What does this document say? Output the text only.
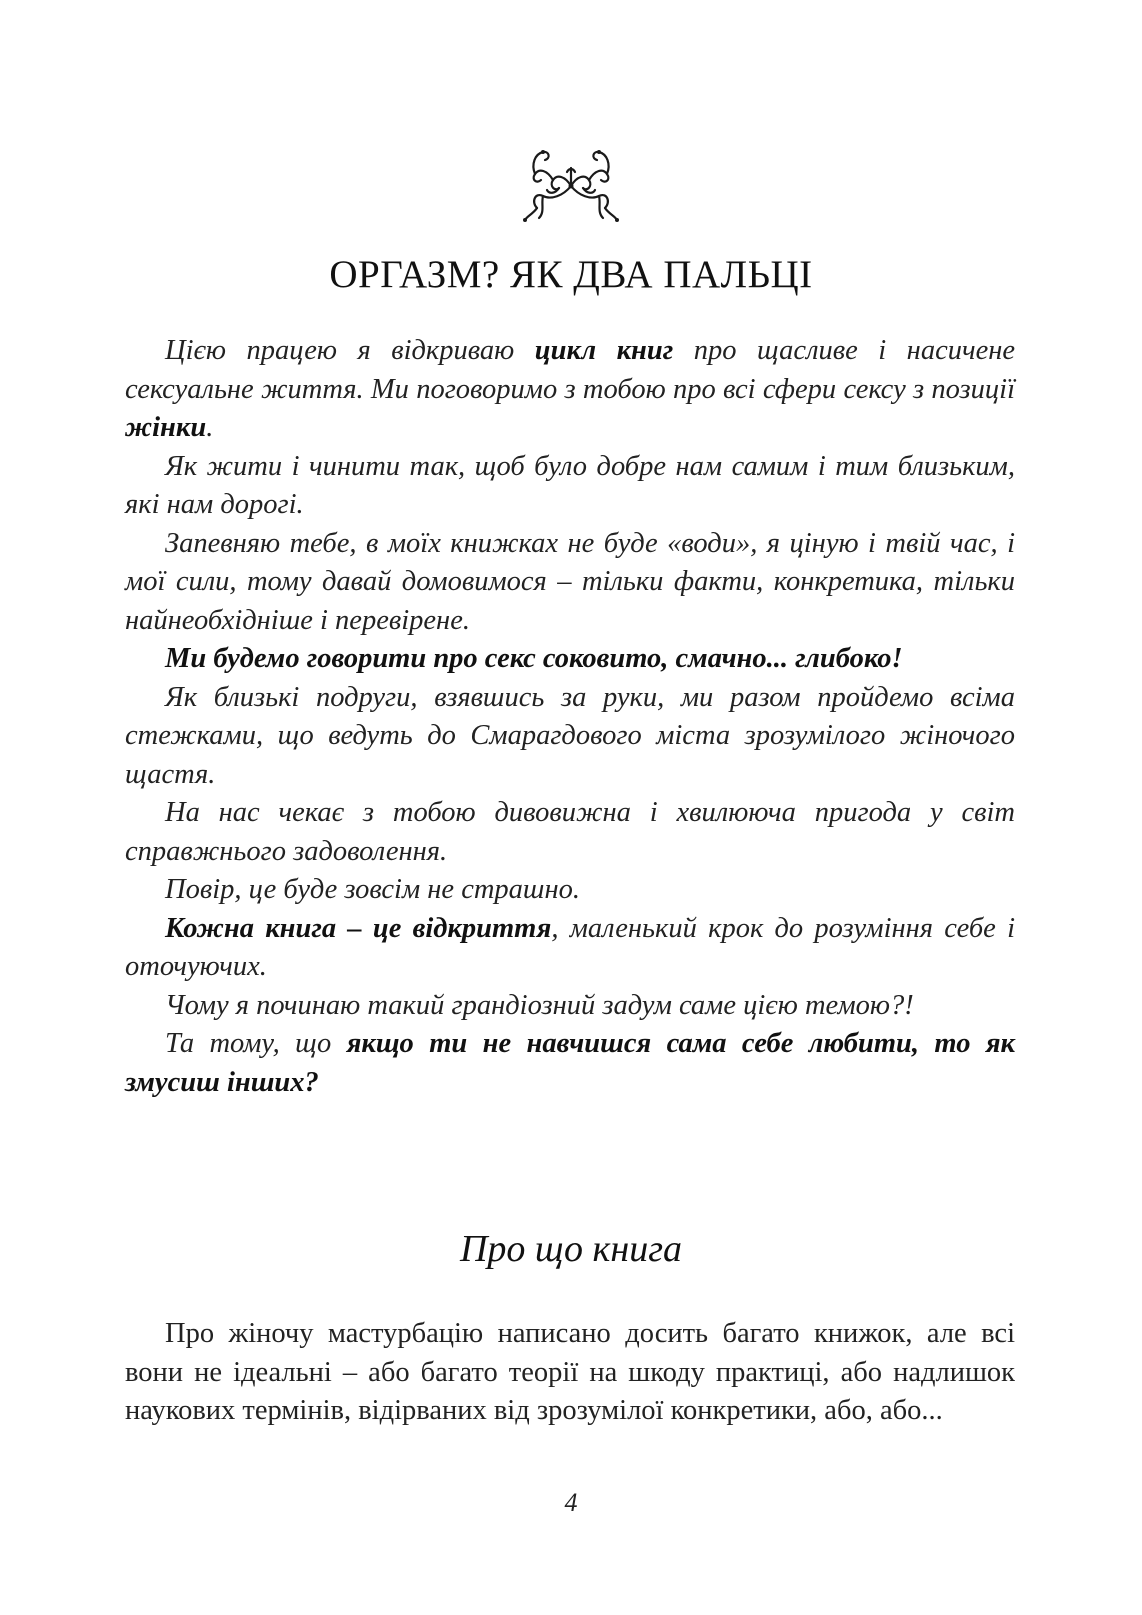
ОРГАЗМ? ЯК ДВА ПАЛЬЦІ

Цією працею я відкриваю цикл книг про щасливе і насичене сексуальне життя. Ми поговоримо з тобою про всі сфери сексу з позиції жінки.

Як жити і чинити так, щоб було добре нам самим і тим близьким, які нам дорогі.

Запевняю тебе, в моїх книжках не буде «води», я ціную і твій час, і мої сили, тому давай домовимося – тільки факти, конкретика, тільки найнеобхідніше і перевірене.

Ми будемо говорити про секс соковито, смачно... глибоко!

Як близькі подруги, взявшись за руки, ми разом пройдемо всіма стежками, що ведуть до Смарагдового міста зрозумілого жіночого щастя.

На нас чекає з тобою дивовижна і хвилююча пригода у світ справжнього задоволення.

Повір, це буде зовсім не страшно.

Кожна книга – це відкриття, маленький крок до розуміння себе і оточуючих.

Чому я починаю такий грандіозний задум саме цією темою?!

Та тому, що якщо ти не навчишся сама себе любити, то як змусиш інших?

Про що книга

Про жіночу мастурбацію написано досить багато книжок, але всі вони не ідеальні – або багато теорії на шкоду практиці, або надлишок наукових термінів, відірваних від зрозумілої конкретики, або, або...

4
